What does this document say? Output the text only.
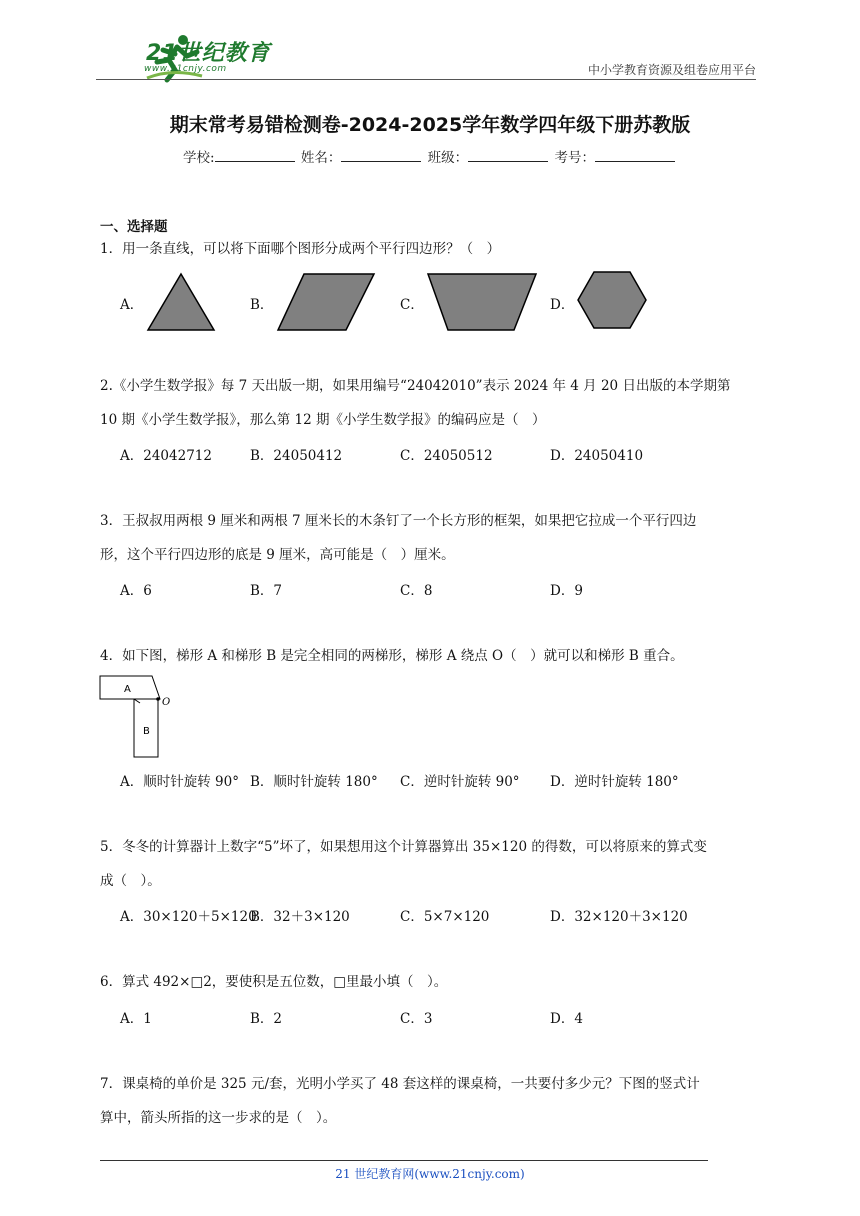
21世纪教育
www.21cnjy.com	中小学教育资源及组卷应用平台
期末常考易错检测卷-2024-2025学年数学四年级下册苏教版
学校:	姓名：	班级：	考号：
一、选择题

1．用一条直线，可以将下面哪个图形分成两个平行四边形？（　）

A．	B．	C．	D．

2.《小学生数学报》每 7 天出版一期，如果用编号“24042010”表示 2024 年 4 月 20 日出版的本学期第

10 期《小学生数学报》，那么第 12 期《小学生数学报》的编码应是（　）

A．24042712	B．24050412	C．24050512	D．24050410

3．王叔叔用两根 9 厘米和两根 7 厘米长的木条钉了一个长方形的框架，如果把它拉成一个平行四边

形，这个平行四边形的底是 9 厘米，高可能是（　）厘米。

A．6	B．7	C．8	D．9

4．如下图，梯形 A 和梯形 B 是完全相同的两梯形，梯形 A 绕点 O（　）就可以和梯形 B 重合。

A
O
B
A．顺时针旋转 90° B．顺时针旋转 180° C．逆时针旋转 90° D．逆时针旋转 180°

5．冬冬的计算器计上数字“5”坏了，如果想用这个计算器算出 35×120 的得数，可以将原来的算式变

成（　）。

A．30×120＋5×120
B．32＋3×120	C．5×7×120	D．32×120＋3×120

6．算式 492×□2，要使积是五位数，□里最小填（　）。

A．1	B．2	C．3	D．4

7．课桌椅的单价是 325 元/套，光明小学买了 48 套这样的课桌椅，一共要付多少元？下图的竖式计

算中，箭头所指的这一步求的是（　）。

21 世纪教育网(www.21cnjy.com)
